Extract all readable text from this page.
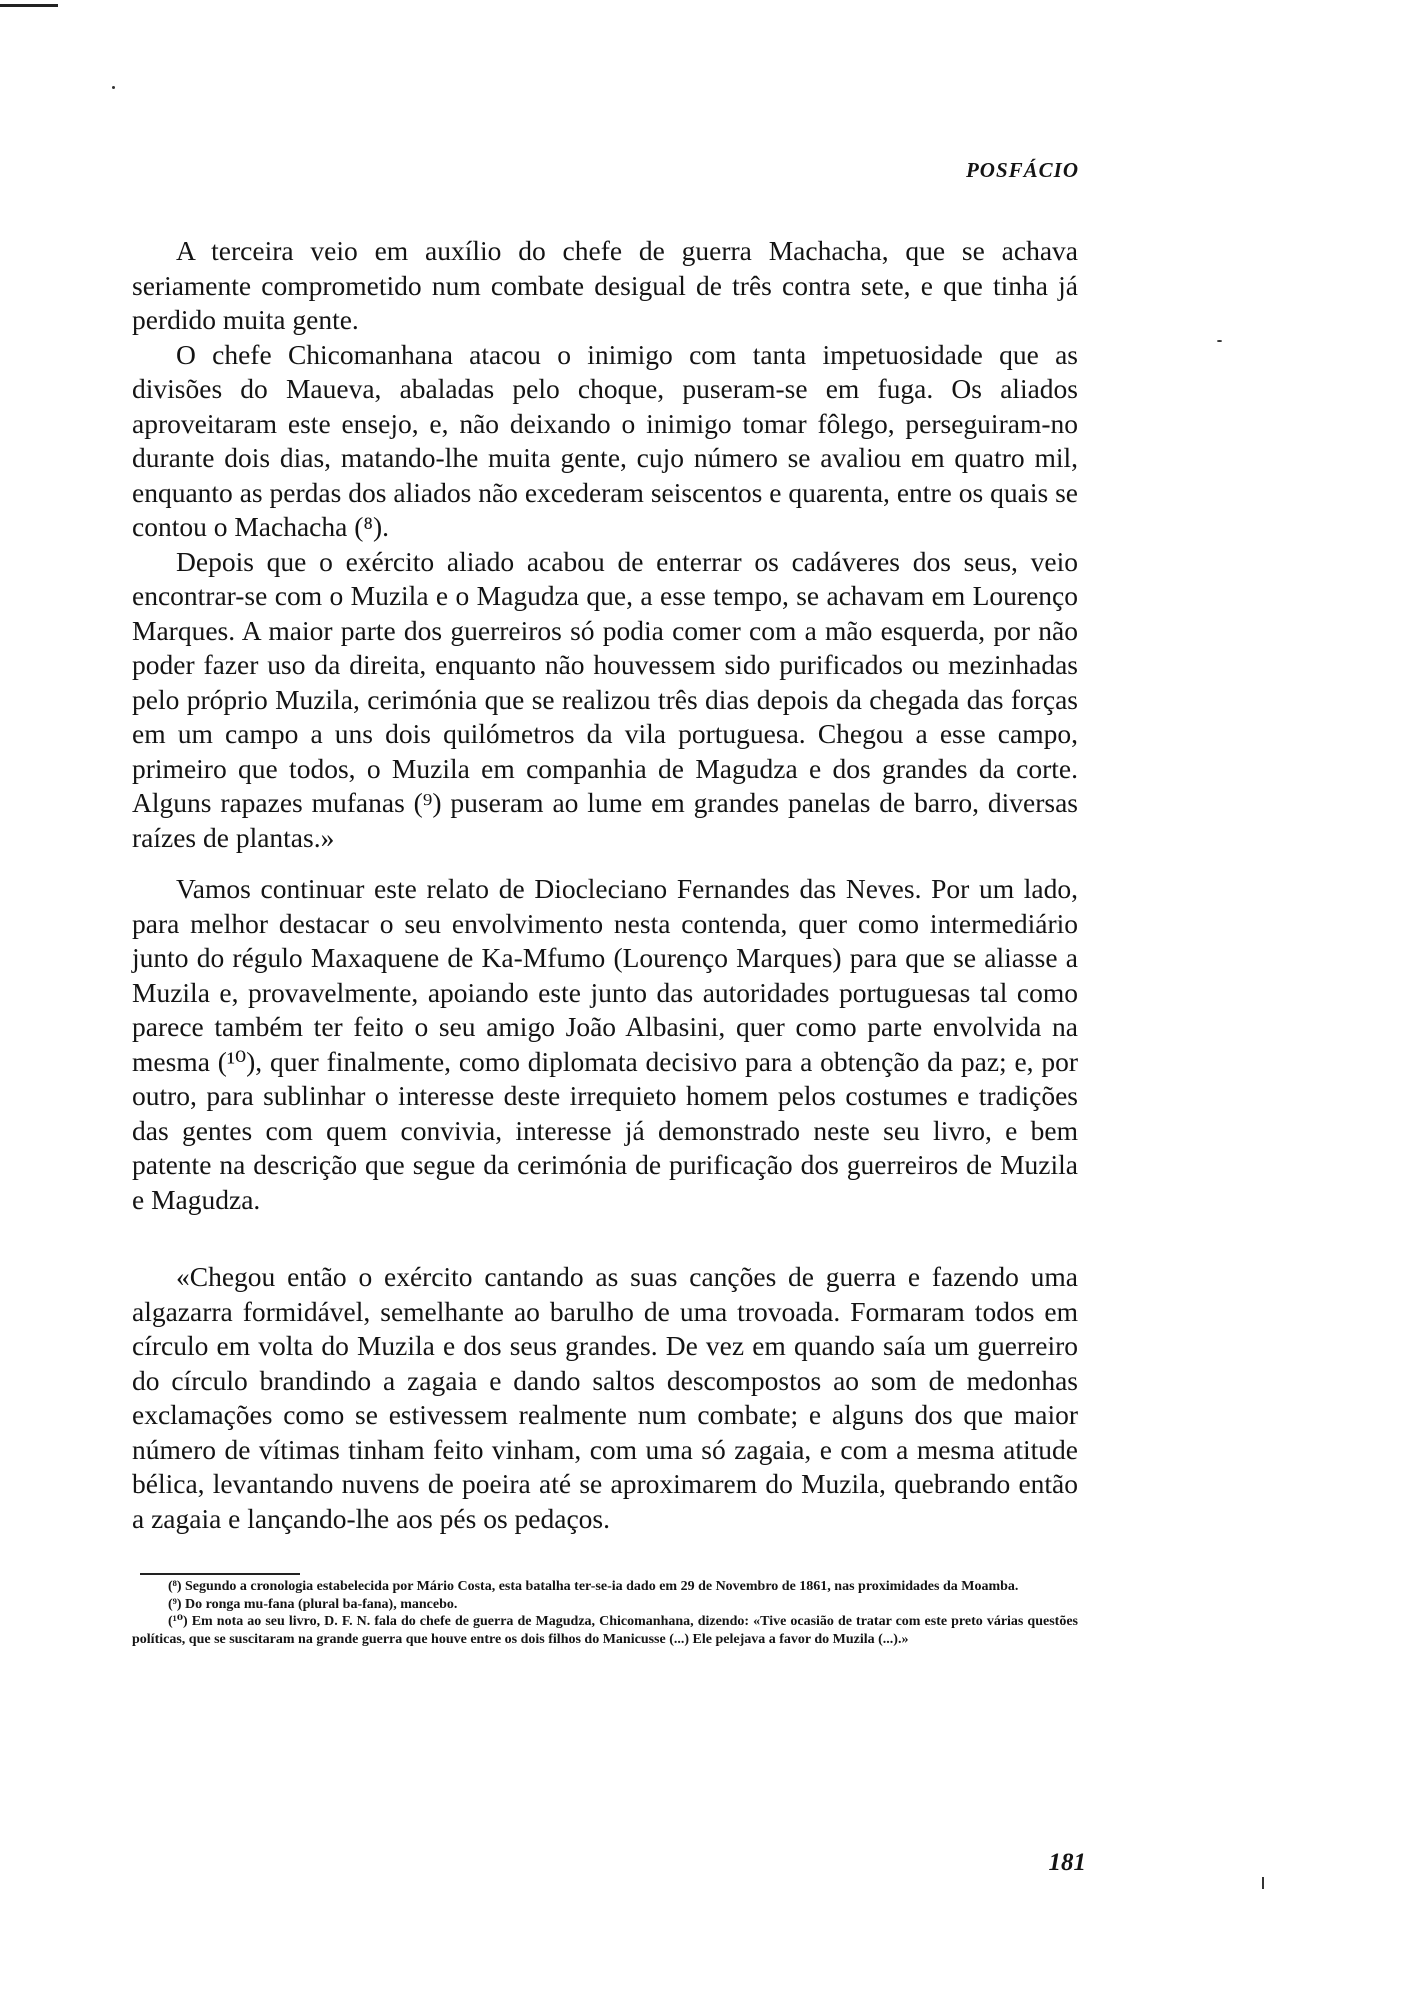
POSFÁCIO

A terceira veio em auxílio do chefe de guerra Machacha, que se achava seriamente comprometido num combate desigual de três contra sete, e que tinha já perdido muita gente.

O chefe Chicomanhana atacou o inimigo com tanta impetuosidade que as divisões do Maueva, abaladas pelo choque, puseram-se em fuga. Os aliados aproveitaram este ensejo, e, não deixando o inimigo tomar fôlego, perseguiram-no durante dois dias, matando-lhe muita gente, cujo número se avaliou em quatro mil, enquanto as perdas dos aliados não excederam seiscentos e quarenta, entre os quais se contou o Machacha (⁸).

Depois que o exército aliado acabou de enterrar os cadáveres dos seus, veio encontrar-se com o Muzila e o Magudza que, a esse tempo, se achavam em Lourenço Marques. A maior parte dos guerreiros só podia comer com a mão esquerda, por não poder fazer uso da direita, enquanto não houvessem sido purificados ou mezinhadas pelo próprio Muzila, cerimónia que se realizou três dias depois da chegada das forças em um campo a uns dois quilómetros da vila portuguesa. Chegou a esse campo, primeiro que todos, o Muzila em companhia de Magudza e dos grandes da corte. Alguns rapazes mufanas (⁹) puseram ao lume em grandes panelas de barro, diversas raízes de plantas.»

Vamos continuar este relato de Diocleciano Fernandes das Neves. Por um lado, para melhor destacar o seu envolvimento nesta contenda, quer como intermediário junto do régulo Maxaquene de Ka-Mfumo (Lourenço Marques) para que se aliasse a Muzila e, provavelmente, apoiando este junto das autoridades portuguesas tal como parece também ter feito o seu amigo João Albasini, quer como parte envolvida na mesma (¹⁰), quer finalmente, como diplomata decisivo para a obtenção da paz; e, por outro, para sublinhar o interesse deste irrequieto homem pelos costumes e tradições das gentes com quem convivia, interesse já demonstrado neste seu livro, e bem patente na descrição que segue da cerimónia de purificação dos guerreiros de Muzila e Magudza.

«Chegou então o exército cantando as suas canções de guerra e fazendo uma algazarra formidável, semelhante ao barulho de uma trovoada. Formaram todos em círculo em volta do Muzila e dos seus grandes. De vez em quando saía um guerreiro do círculo brandindo a zagaia e dando saltos descompostos ao som de medonhas exclamações como se estivessem realmente num combate; e alguns dos que maior número de vítimas tinham feito vinham, com uma só zagaia, e com a mesma atitude bélica, levantando nuvens de poeira até se aproximarem do Muzila, quebrando então a zagaia e lançando-lhe aos pés os pedaços.

(⁸) Segundo a cronologia estabelecida por Mário Costa, esta batalha ter-se-ia dado em 29 de Novembro de 1861, nas proximidades da Moamba.

(⁹) Do ronga mu-fana (plural ba-fana), mancebo.

(¹⁰) Em nota ao seu livro, D. F. N. fala do chefe de guerra de Magudza, Chicomanhana, dizendo: «Tive ocasião de tratar com este preto várias questões políticas, que se suscitaram na grande guerra que houve entre os dois filhos do Manicusse (...) Ele pelejava a favor do Muzila (...).»

181
